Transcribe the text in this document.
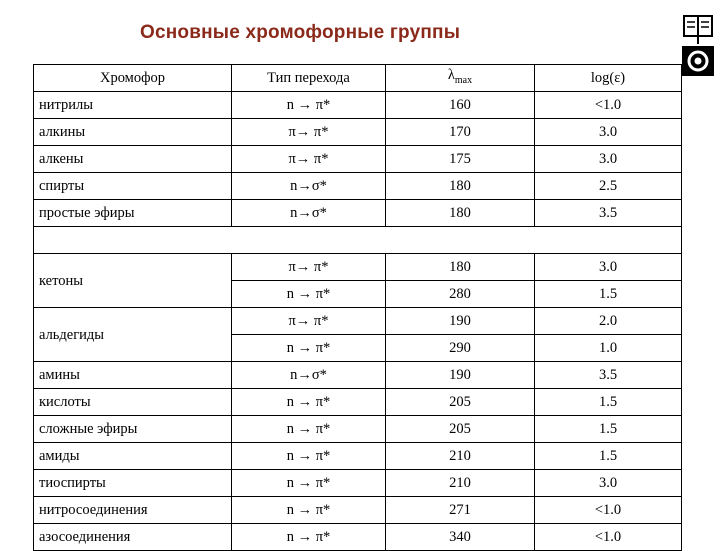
Основные хромофорные группы
Хромофор	Тип перехода	$\lambda_{max}$	log(ε)
нитрилы	n → π*	160	<1.0
алкины	π→ π*	170	3.0
алкены	π→ π*	175	3.0
спирты	n→σ*	180	2.5
простые эфиры	n→σ*	180	3.5

кетоны	π→ π*	180	3.0
	n → π*	280	1.5
альдегиды	π→ π*	190	2.0
	n → π*	290	1.0
амины	n→σ*	190	3.5
кислоты	n → π*	205	1.5
сложные эфиры	n → π*	205	1.5
амиды	n → π*	210	1.5
тиоспирты	n → π*	210	3.0
нитросоединения	n → π*	271	<1.0
азосоединения	n → π*	340	<1.0
